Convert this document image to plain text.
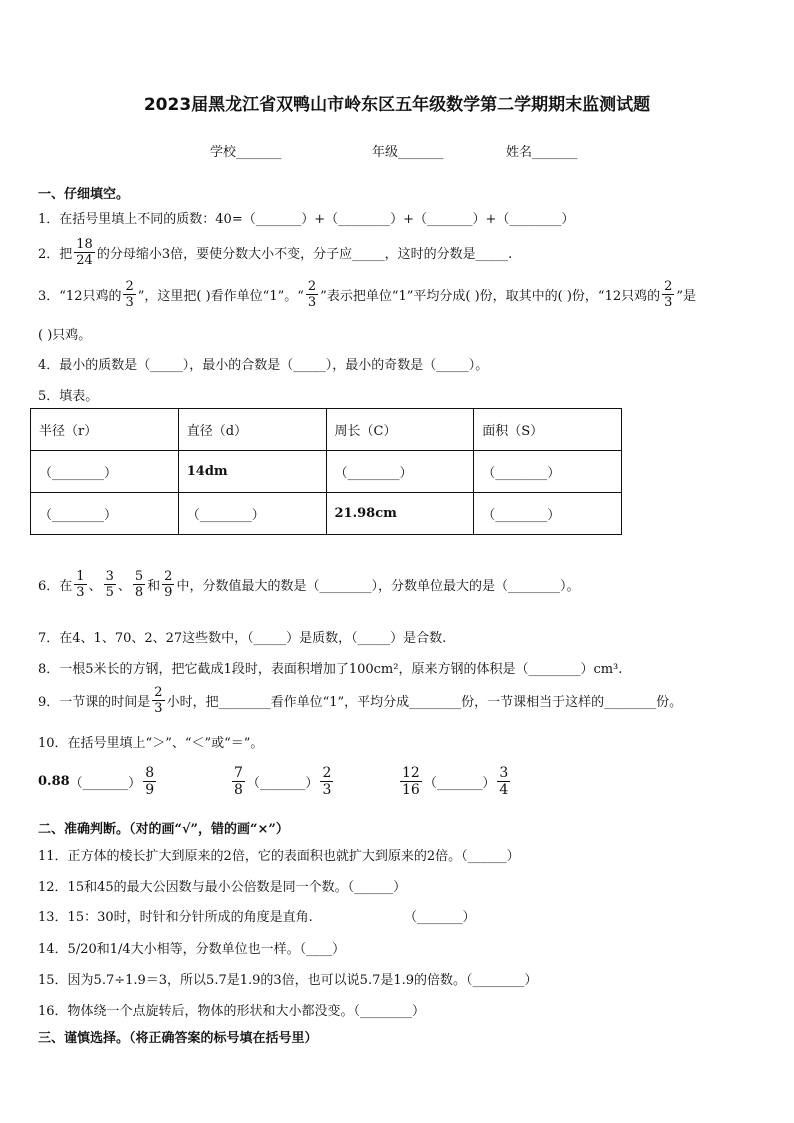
2023届黑龙江省双鸭山市岭东区五年级数学第二学期期末监测试题
学校_______	年级_______	姓名_______
一、仔细填空。
1．在括号里填上不同的质数：40=（_______）+（________）+（_______）+（________）
2．把 $\frac{18}{24}$ 的分母缩小3倍，要使分数大小不变，分子应_____，这时的分数是_____.
3．“12只鸡的 $\frac{2}{3}$ ”，这里把( )看作单位“1”。“ $\frac{2}{3}$ ”表示把单位“1”平均分成( )份，取其中的( )份，“12只鸡的 $\frac{2}{3}$ ”是
( )只鸡。
4．最小的质数是（_____），最小的合数是（_____），最小的奇数是（_____）。
5．填表。
半径（r）	直径（d）	周长（C）	面积（S）
（________）	14dm	（________）	（________）
（________）	（________）	21.98cm	（________）
6．在 $\frac{1}{3}$ 、 $\frac{3}{5}$ 、 $\frac{5}{8}$ 和 $\frac{2}{9}$ 中，分数值最大的数是（________），分数单位最大的是（________）。
7．在4、1、70、2、27这些数中，（_____）是质数，（_____）是合数.
8．一根5米长的方钢，把它截成1段时，表面积增加了100cm²，原来方钢的体积是（________）cm³.
9．一节课的时间是 $\frac{2}{3}$ 小时，把________看作单位“1”，平均分成________份，一节课相当于这样的________份。
10．在括号里填上“＞”、“＜”或“＝”。
0.88 （_______） $\frac{8}{9}$	$\frac{7}{8}$ （_______） $\frac{2}{3}$	$\frac{12}{16}$ （_______） $\frac{3}{4}$
二、准确判断。（对的画“√”，错的画“×”）
11．正方体的棱长扩大到原来的2倍，它的表面积也就扩大到原来的2倍。（______）
12．15和45的最大公因数与最小公倍数是同一个数。（______）
13．15：30时，时针和分针所成的角度是直角.	（_______）
14．5/20和1/4大小相等，分数单位也一样。（____）
15．因为5.7÷1.9＝3，所以5.7是1.9的3倍，也可以说5.7是1.9的倍数。（________）
16．物体绕一个点旋转后，物体的形状和大小都没变。（________）
三、谨慎选择。（将正确答案的标号填在括号里）
